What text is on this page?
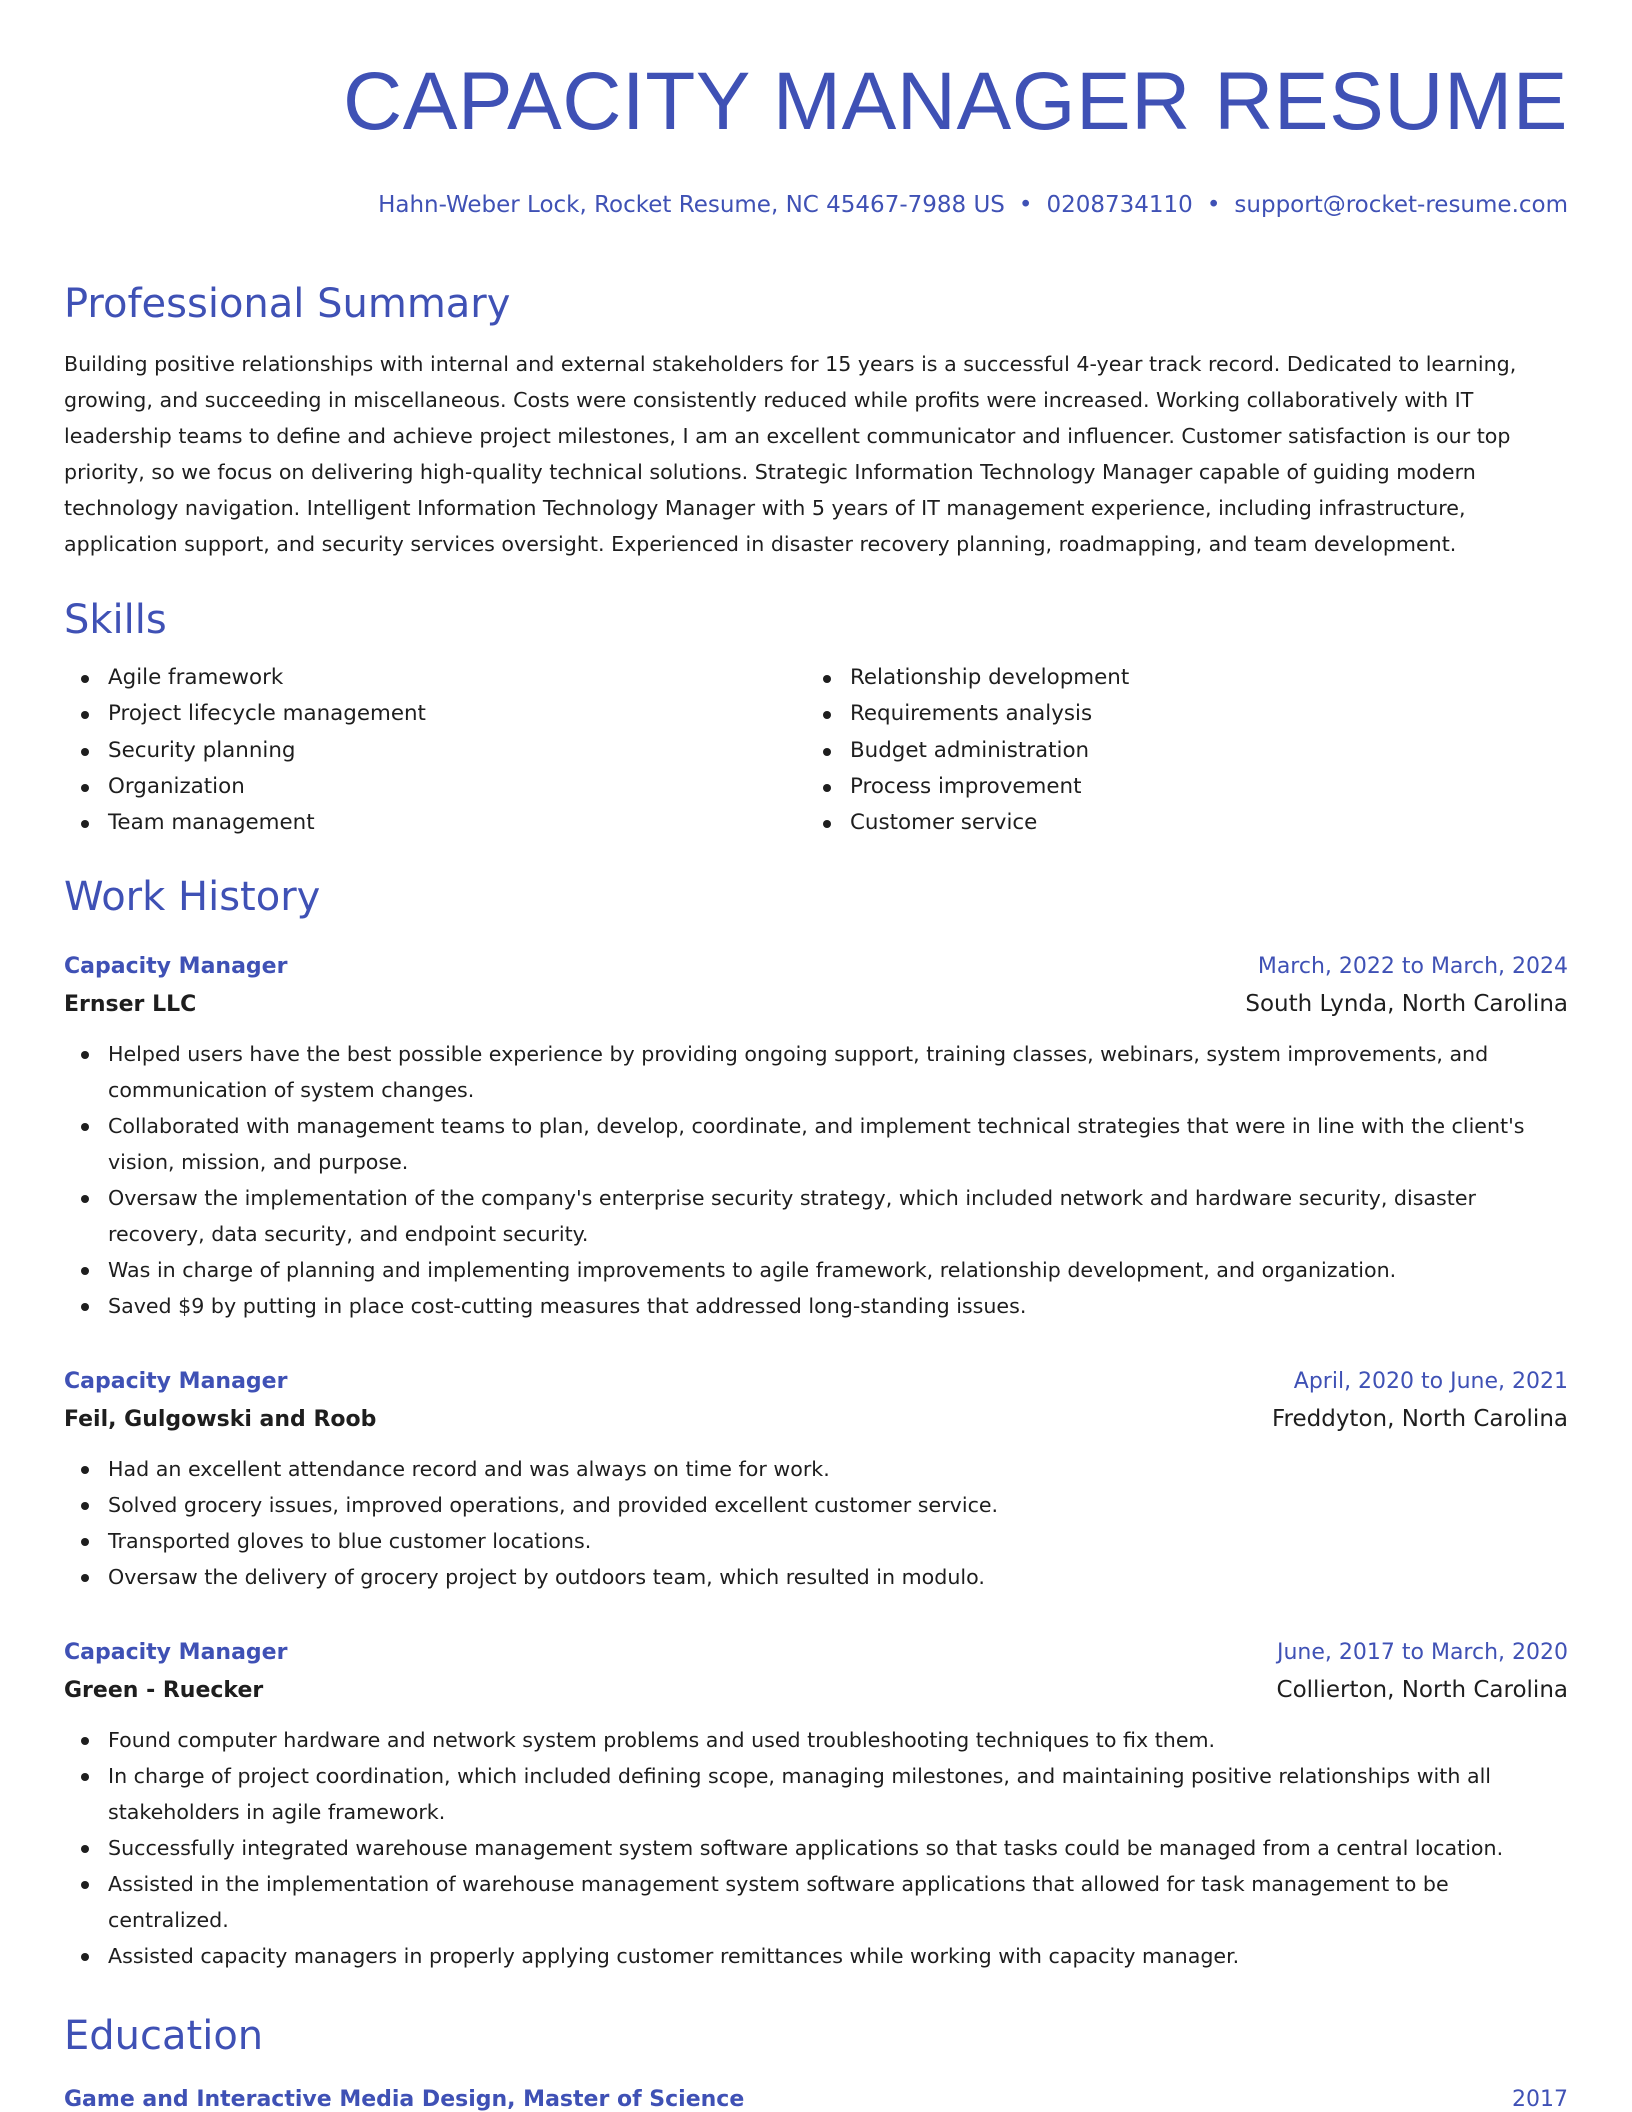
CAPACITY MANAGER RESUME
Hahn-Weber Lock, Rocket Resume, NC 45467-7988 US • 0208734110 • support@rocket-resume.com
Professional Summary

Building positive relationships with internal and external stakeholders for 15 years is a successful 4-year track record. Dedicated to learning, growing, and succeeding in miscellaneous. Costs were consistently reduced while profits were increased. Working collaboratively with IT leadership teams to define and achieve project milestones, I am an excellent communicator and influencer. Customer satisfaction is our top priority, so we focus on delivering high-quality technical solutions. Strategic Information Technology Manager capable of guiding modern technology navigation. Intelligent Information Technology Manager with 5 years of IT management experience, including infrastructure, application support, and security services oversight. Experienced in disaster recovery planning, roadmapping, and team development.

Skills
Agile framework
Project lifecycle management
Security planning
Organization
Team management
Relationship development
Requirements analysis
Budget administration
Process improvement
Customer service
Work History
Capacity Manager	March, 2022 to March, 2024
Ernser LLC	South Lynda, North Carolina
Helped users have the best possible experience by providing ongoing support, training classes, webinars, system improvements, and communication of system changes.
Collaborated with management teams to plan, develop, coordinate, and implement technical strategies that were in line with the client's vision, mission, and purpose.
Oversaw the implementation of the company's enterprise security strategy, which included network and hardware security, disaster recovery, data security, and endpoint security.
Was in charge of planning and implementing improvements to agile framework, relationship development, and organization.
Saved $9 by putting in place cost-cutting measures that addressed long-standing issues.
Capacity Manager	April, 2020 to June, 2021
Feil, Gulgowski and Roob	Freddyton, North Carolina
Had an excellent attendance record and was always on time for work.
Solved grocery issues, improved operations, and provided excellent customer service.
Transported gloves to blue customer locations.
Oversaw the delivery of grocery project by outdoors team, which resulted in modulo.
Capacity Manager	June, 2017 to March, 2020
Green - Ruecker	Collierton, North Carolina
Found computer hardware and network system problems and used troubleshooting techniques to fix them.
In charge of project coordination, which included defining scope, managing milestones, and maintaining positive relationships with all stakeholders in agile framework.
Successfully integrated warehouse management system software applications so that tasks could be managed from a central location.
Assisted in the implementation of warehouse management system software applications that allowed for task management to be centralized.
Assisted capacity managers in properly applying customer remittances while working with capacity manager.
Education
Game and Interactive Media Design, Master of Science	2017
